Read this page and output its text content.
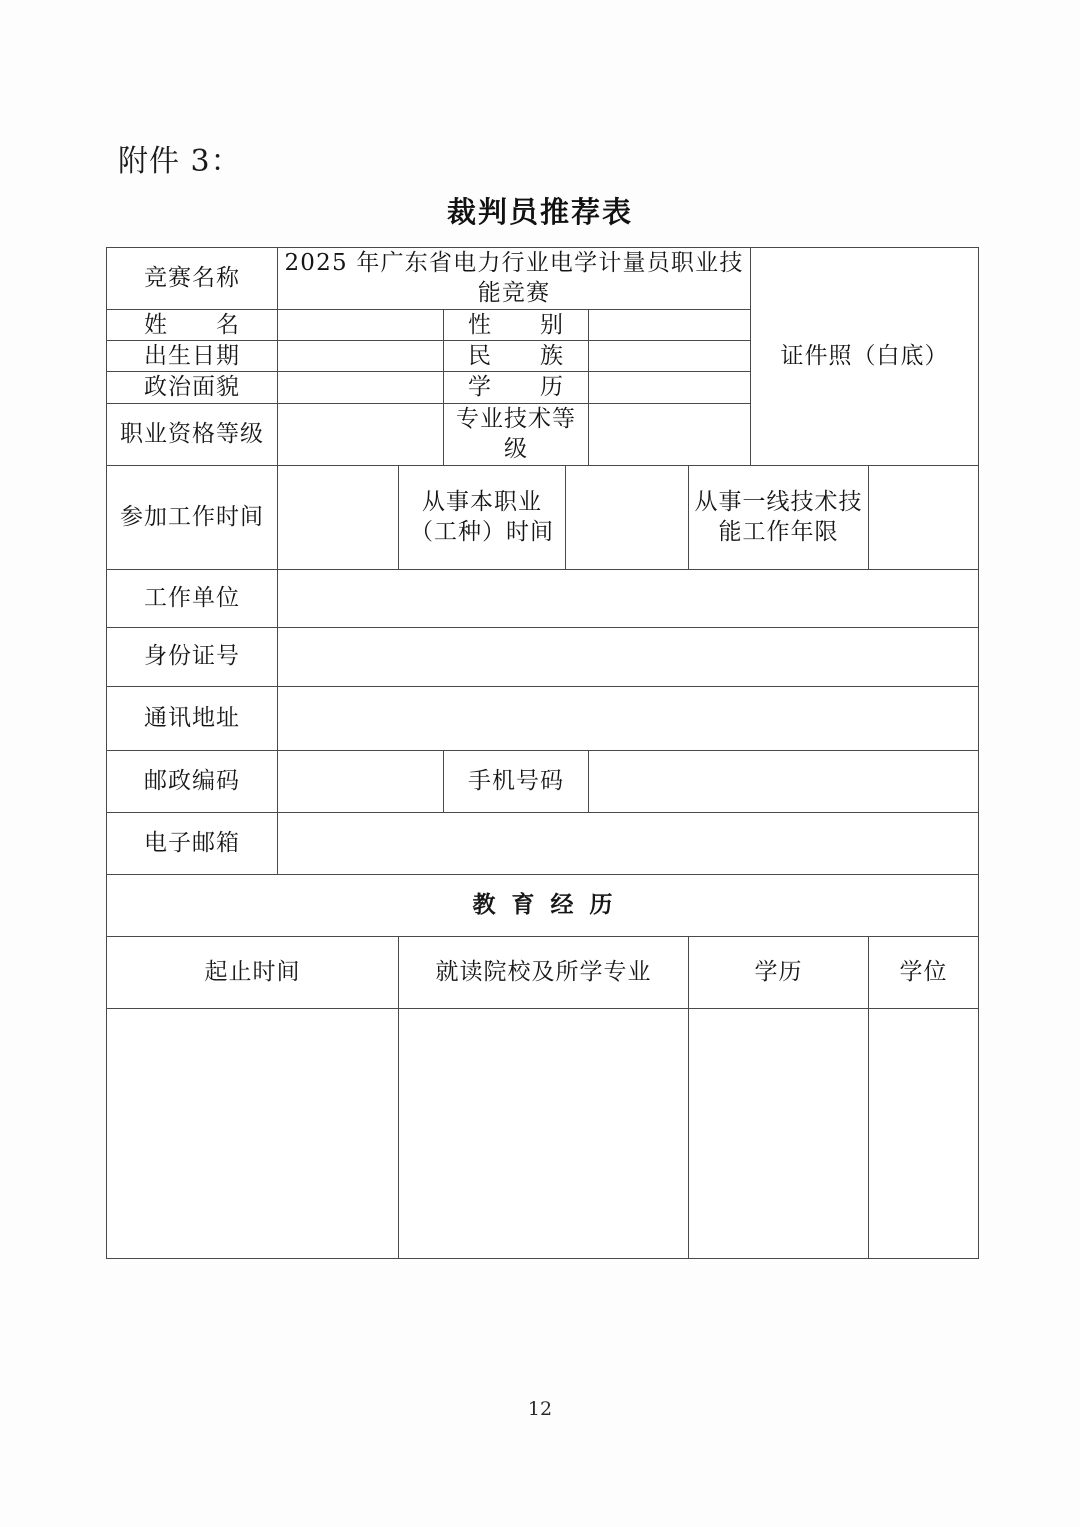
附件 3：
裁判员推荐表
竞赛名称	2025 年广东省电力行业电学计量员职业技能竞赛						证件照（白底）	
姓　　名			性　　别					
出生日期			民　　族					
政治面貌			学　　历					
职业资格等级			专业技术等级					
参加工作时间		从事本职业（工种）时间				从事一线技术技能工作年限		
工作单位								
身份证号								
通讯地址								
邮政编码			手机号码					
电子邮箱								
教育经历								
起止时间		就读院校及所学专业				学历		学位

12
